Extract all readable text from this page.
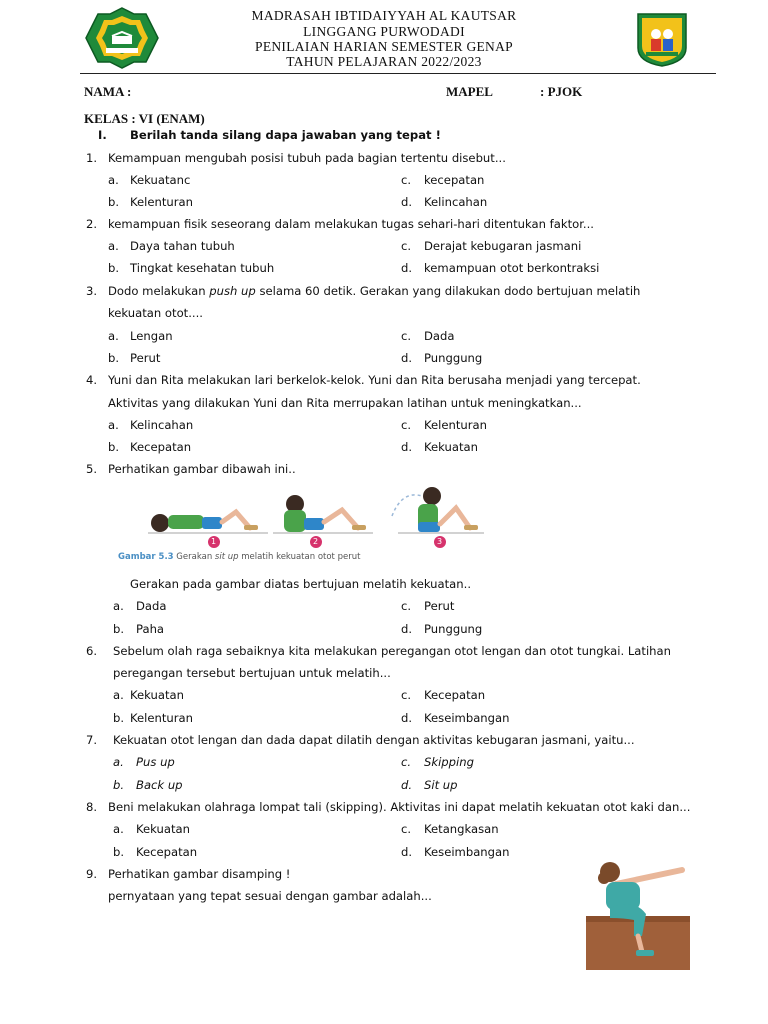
MADRASAH IBTIDAIYYAH AL KAUTSAR
LINGGANG PURWODADI
PENILAIAN HARIAN SEMESTER GENAP
TAHUN PELAJARAN 2022/2023
NAMA :	MAPEL	: PJOK
KELAS : VI (ENAM)
I. Berilah tanda silang dapa jawaban yang tepat !
1. Kemampuan mengubah posisi tubuh pada bagian tertentu disebut...
a. Kekuatanc	c. kecepatan
b. Kelenturan	d. Kelincahan
2. kemampuan fisik seseorang dalam melakukan tugas sehari-hari ditentukan faktor...
a. Daya tahan tubuh	c. Derajat kebugaran jasmani
b. Tingkat kesehatan tubuh	d. kemampuan otot berkontraksi
3. Dodo melakukan push up selama 60 detik. Gerakan yang dilakukan dodo bertujuan melatih
kekuatan otot....
a. Lengan	c. Dada
b. Perut	d. Punggung
4. Yuni dan Rita melakukan lari berkelok-kelok. Yuni dan Rita berusaha menjadi yang tercepat.
Aktivitas yang dilakukan Yuni dan Rita merrupakan latihan untuk meningkatkan...
a. Kelincahan	c. Kelenturan
b. Kecepatan	d. Kekuatan
5. Perhatikan gambar dibawah ini..
1	2	3
Gambar 5.3 Gerakan sit up melatih kekuatan otot perut
Gerakan pada gambar diatas bertujuan melatih kekuatan..
a. Dada	c. Perut
b. Paha	d. Punggung
6. Sebelum olah raga sebaiknya kita melakukan peregangan otot lengan dan otot tungkai. Latihan
peregangan tersebut bertujuan untuk melatih...
a. Kekuatan	c. Kecepatan
b. Kelenturan	d. Keseimbangan
7. Kekuatan otot lengan dan dada dapat dilatih dengan aktivitas kebugaran jasmani, yaitu...
a. Pus up	c. Skipping
b. Back up	d. Sit up
8. Beni melakukan olahraga lompat tali (skipping). Aktivitas ini dapat melatih kekuatan otot kaki dan...
a. Kekuatan	c. Ketangkasan
b. Kecepatan	d. Keseimbangan
9. Perhatikan gambar disamping !
pernyataan yang tepat sesuai dengan gambar adalah...
